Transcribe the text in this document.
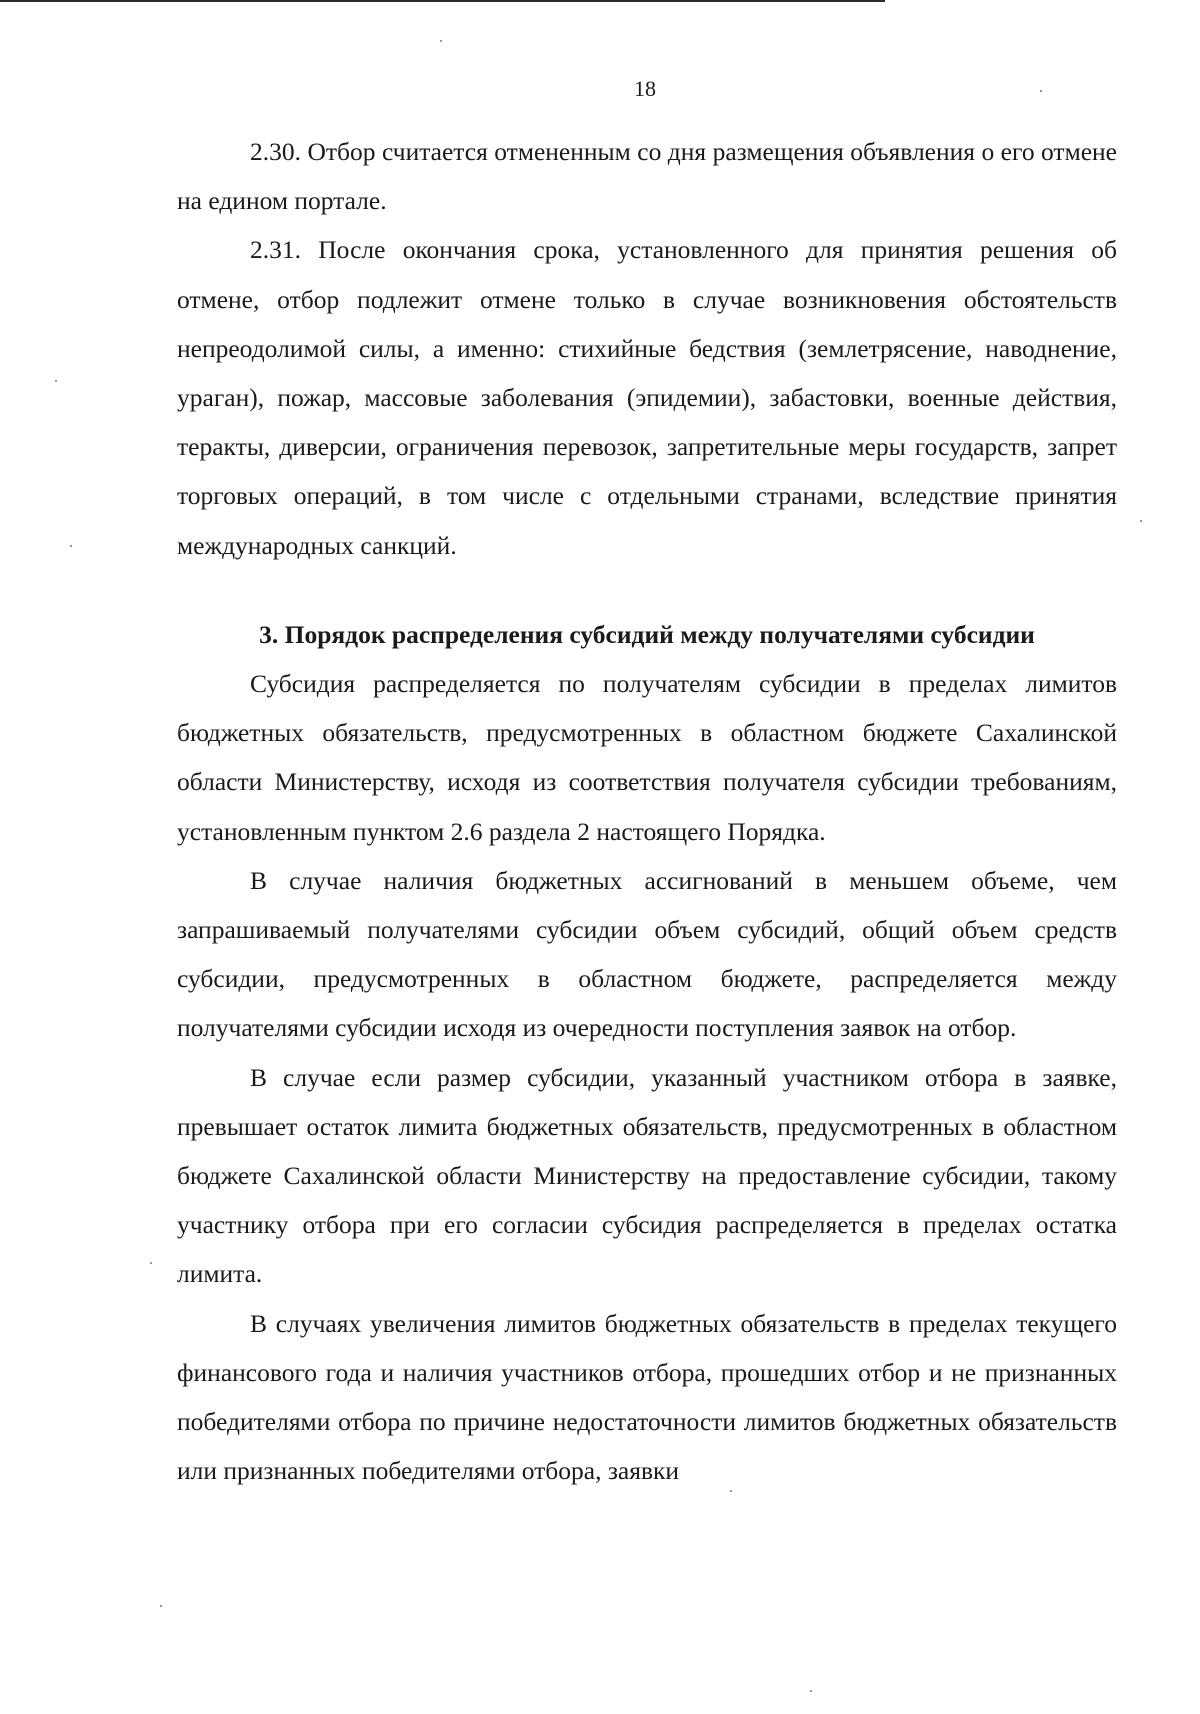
18

2.30. Отбор считается отмененным со дня размещения объявления о его отмене на едином портале.

2.31. После окончания срока, установленного для принятия решения об отмене, отбор подлежит отмене только в случае возникновения обстоятельств непреодолимой силы, а именно: стихийные бедствия (землетрясение, наводнение, ураган), пожар, массовые заболевания (эпидемии), забастовки, военные действия, теракты, диверсии, ограничения перевозок, запретительные меры государств, запрет торговых операций, в том числе с отдельными странами, вследствие принятия международных санкций.

3. Порядок распределения субсидий между получателями субсидии

Субсидия распределяется по получателям субсидии в пределах лимитов бюджетных обязательств, предусмотренных в областном бюджете Сахалинской области Министерству, исходя из соответствия получателя субсидии требованиям, установленным пунктом 2.6 раздела 2 настоящего Порядка.

В случае наличия бюджетных ассигнований в меньшем объеме, чем запрашиваемый получателями субсидии объем субсидий, общий объем средств субсидии, предусмотренных в областном бюджете, распределяется между получателями субсидии исходя из очередности поступления заявок на отбор.

В случае если размер субсидии, указанный участником отбора в заявке, превышает остаток лимита бюджетных обязательств, предусмотренных в областном бюджете Сахалинской области Министерству на предоставление субсидии, такому участнику отбора при его согласии субсидия распределяется в пределах остатка лимита.

В случаях увеличения лимитов бюджетных обязательств в пределах текущего финансового года и наличия участников отбора, прошедших отбор и не признанных победителями отбора по причине недостаточности лимитов бюджетных обязательств или признанных победителями отбора, заявки
